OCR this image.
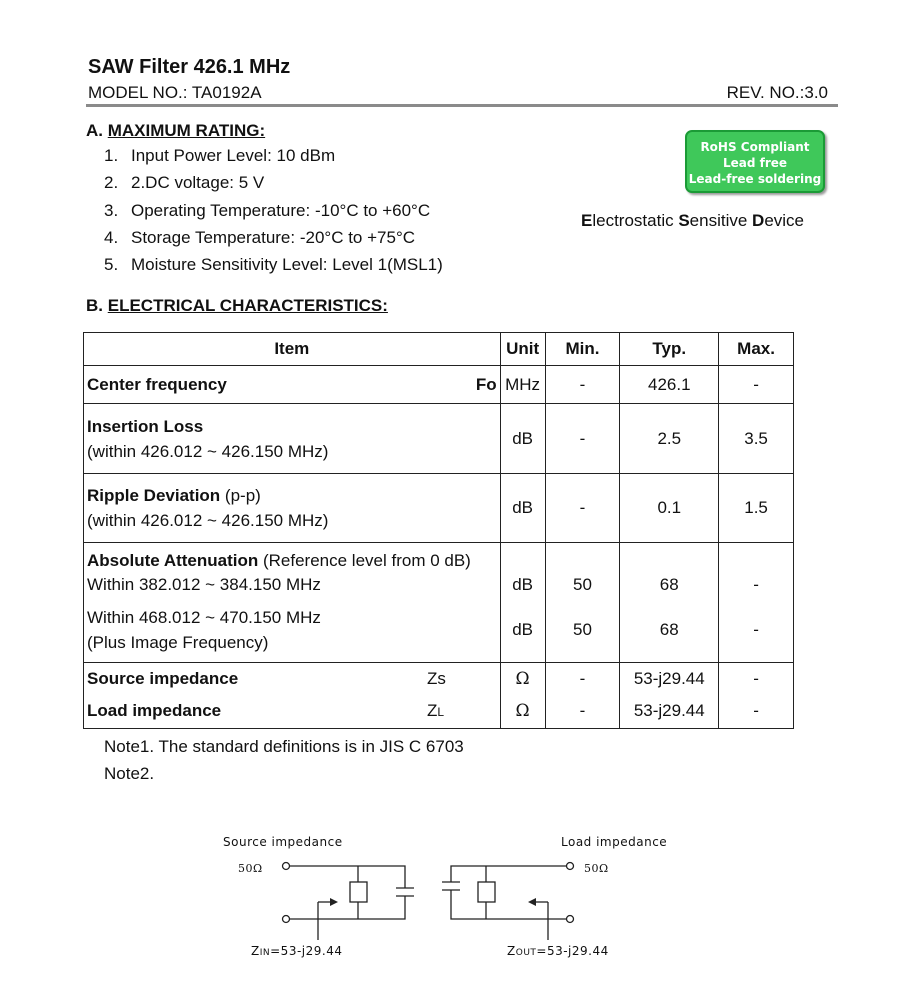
SAW Filter 426.1 MHz
MODEL NO.: TA0192A	REV. NO.:3.0
A. MAXIMUM RATING:
1. Input Power Level: 10 dBm
2. 2.DC voltage: 5 V
3. Operating Temperature: -10°C to +60°C
4. Storage Temperature: -20°C to +75°C
5. Moisture Sensitivity Level: Level 1(MSL1)
RoHS Compliant
Lead free
Lead-free soldering
Electrostatic Sensitive Device
B. ELECTRICAL CHARACTERISTICS:
Item	Unit	Min.	Typ.	Max.
Center frequency Fo	MHz	-	426.1	-
Insertion Loss
(within 426.012 ~ 426.150 MHz)	dB	-	2.5	3.5
Ripple Deviation (p-p)
(within 426.012 ~ 426.150 MHz)	dB	-	0.1	1.5
Absolute Attenuation (Reference level from 0 dB)				
Within 382.012 ~ 384.150 MHz	dB	50	68	-
Within 468.012 ~ 470.150 MHz
(Plus Image Frequency)	dB	50	68	-
Source impedance Zs	Ω	-	53-j29.44	-
Load impedance ZL	Ω	-	53-j29.44	-
Note1. The standard definitions is in JIS C 6703
Note2.
Source impedance	Load impedance
50Ω	50Ω
ZIN=53-j29.44	ZOUT=53-j29.44
